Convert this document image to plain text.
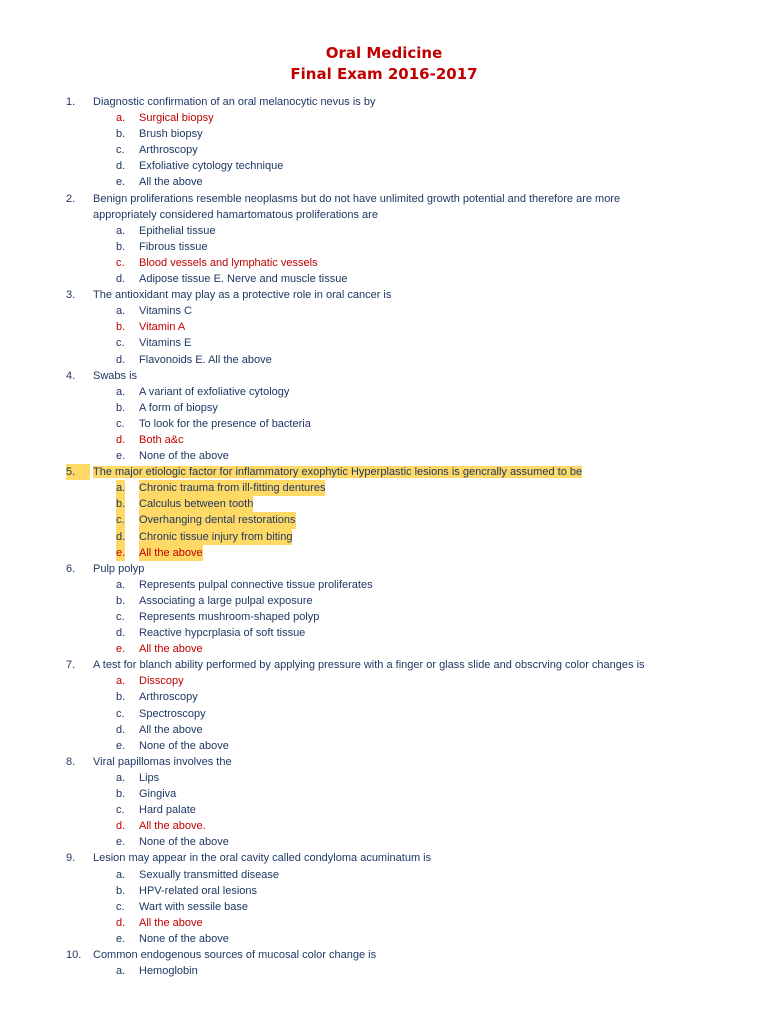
Oral Medicine
Final Exam 2016-2017
1.	Diagnostic confirmation of an oral melanocytic nevus is by
a. Surgical biopsy
b. Brush biopsy
c. Arthroscopy
d. Exfoliative cytology technique
e. All the above
2.	Benign proliferations resemble neoplasms but do not have unlimited growth potential and therefore are more appropriately considered hamartomatous proliferations are
a. Epithelial tissue
b. Fibrous tissue
c. Blood vessels and lymphatic vessels
d. Adipose tissue E. Nerve and muscle tissue
3.	The antioxidant may play as a protective role in oral cancer is
a. Vitamins C
b. Vitamin A
c. Vitamins E
d. Flavonoids E. All the above
4.	Swabs is
a. A variant of exfoliative cytology
b. A form of biopsy
c. To look for the presence of bacteria
d. Both a&c
e. None of the above
5.	The major etiologic factor for inflammatory exophytic Hyperplastic lesions is gencrally assumed to be
a. Chronic trauma from ill-fitting dentures
b. Calculus between tooth
c. Overhanging dental restorations
d. Chronic tissue injury from biting
e. All the above
6.	Pulp polyp
a. Represents pulpal connective tissue proliferates
b. Associating a large pulpal exposure
c. Represents mushroom-shaped polyp
d. Reactive hypcrplasia of soft tissue
e. All the above
7.	A test for blanch ability performed by applying pressure with a finger or glass slide and obscrving color changes is
a. Disscopy
b. Arthroscopy
c. Spectroscopy
d. All the above
e. None of the above
8.	Viral papillomas involves the
a. Lips
b. Gingiva
c. Hard palate
d. All the above.
e. None of the above
9.	Lesion may appear in the oral cavity called condyloma acuminatum is
a. Sexually transmitted disease
b. HPV-related oral lesions
c. Wart with sessile base
d. All the above
e. None of the above
10.	Common endogenous sources of mucosal color change is
a. Hemoglobin
